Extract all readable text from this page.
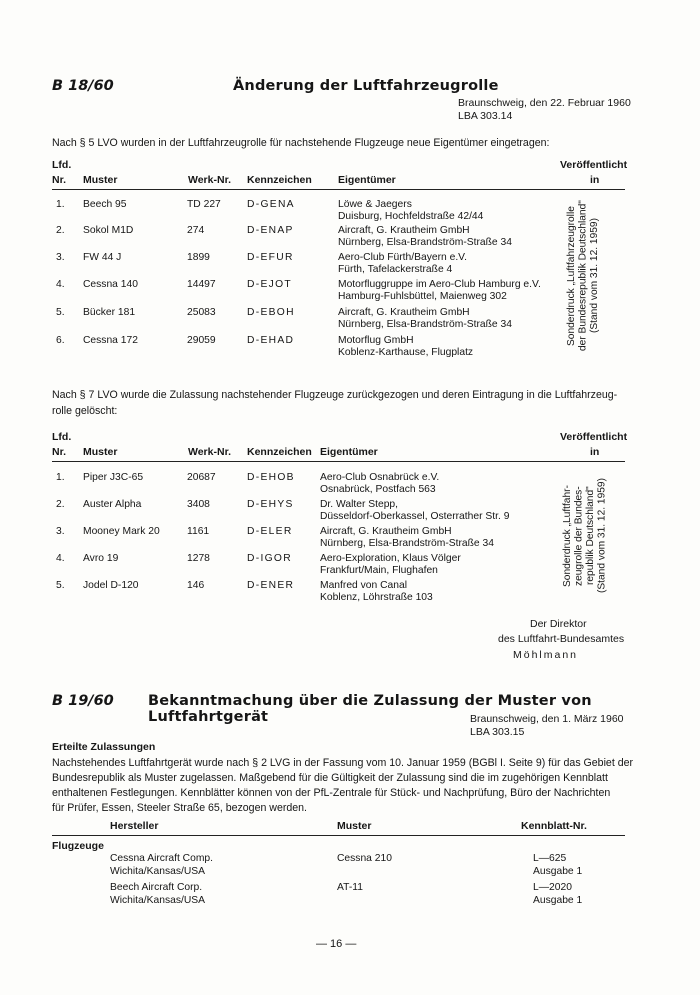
B 18/60	Änderung der Luftfahrzeugrolle
Braunschweig, den 22. Februar 1960
LBA 303.14
Nach § 5 LVO wurden in der Luftfahrzeugrolle für nachstehende Flugzeuge neue Eigentümer eingetragen:
Lfd.
Nr. Muster	Werk-Nr. Kennzeichen Eigentümer
Veröffentlicht
in
1. Beech 95	TD 227	D-GENA	Löwe & Jaegers
Duisburg, Hochfeldstraße 42/44
2. Sokol M1D	274	D-ENAP	Aircraft, G. Krautheim GmbH
Nürnberg, Elsa-Brandström-Straße 34
3. FW 44 J	1899	D-EFUR	Aero-Club Fürth/Bayern e.V.
Fürth, Tafelackerstraße 4
4. Cessna 140	14497	D-EJOT	Motorfluggruppe im Aero-Club Hamburg e.V.
Hamburg-Fuhlsbüttel, Maienweg 302
5. Bücker 181	25083	D-EBOH	Aircraft, G. Krautheim GmbH
Nürnberg, Elsa-Brandström-Straße 34
6. Cessna 172	29059	D-EHAD	Motorflug GmbH
Koblenz-Karthause, Flugplatz
Sonderdruck „Luftfahrzeugrolle
der Bundesrepublik Deutschland"
(Stand vom 31. 12. 1959)
Nach § 7 LVO wurde die Zulassung nachstehender Flugzeuge zurückgezogen und deren Eintragung in die Luftfahrzeug-
rolle gelöscht:
Lfd.
Nr. Muster	Werk-Nr. Kennzeichen Eigentümer
Veröffentlicht
in
1. Piper J3C-65	20687	D-EHOB Aero-Club Osnabrück e.V.
Osnabrück, Postfach 563
2. Auster Alpha	3408	D-EHYS	Dr. Walter Stepp,
Düsseldorf-Oberkassel, Osterrather Str. 9
3. Mooney Mark 20	1161	D-ELER	Aircraft, G. Krautheim GmbH
Nürnberg, Elsa-Brandström-Straße 34
4. Avro 19	1278	D-IGOR	Aero-Exploration, Klaus Völger
Frankfurt/Main, Flughafen
5. Jodel D-120	146	D-ENER Manfred von Canal
Koblenz, Löhrstraße 103
Sonderdruck „Luftfahr-
zeugrolle der Bundes-
republik Deutschland"
(Stand vom 31. 12. 1959)
Der Direktor
des Luftfahrt-Bundesamtes
Möhlmann
B 19/60 Bekanntmachung über die Zulassung der Muster von Luftfahrtgerät	Braunschweig, den 1. März 1960
LBA 303.15
Erteilte Zulassungen
Nachstehendes Luftfahrtgerät wurde nach § 2 LVG in der Fassung vom 10. Januar 1959 (BGBl I. Seite 9) für das Gebiet der
Bundesrepublik als Muster zugelassen. Maßgebend für die Gültigkeit der Zulassung sind die im zugehörigen Kennblatt
enthaltenen Festlegungen. Kennblätter können von der PfL-Zentrale für Stück- und Nachprüfung, Büro der Nachrichten
für Prüfer, Essen, Steeler Straße 65, bezogen werden.
Hersteller	Muster	Kennblatt-Nr.
Flugzeuge
Cessna Aircraft Comp.
Wichita/Kansas/USA
Cessna 210	L—625
Ausgabe 1
Beech Aircraft Corp.
Wichita/Kansas/USA
AT-11	L—2020
Ausgabe 1
— 16 —
